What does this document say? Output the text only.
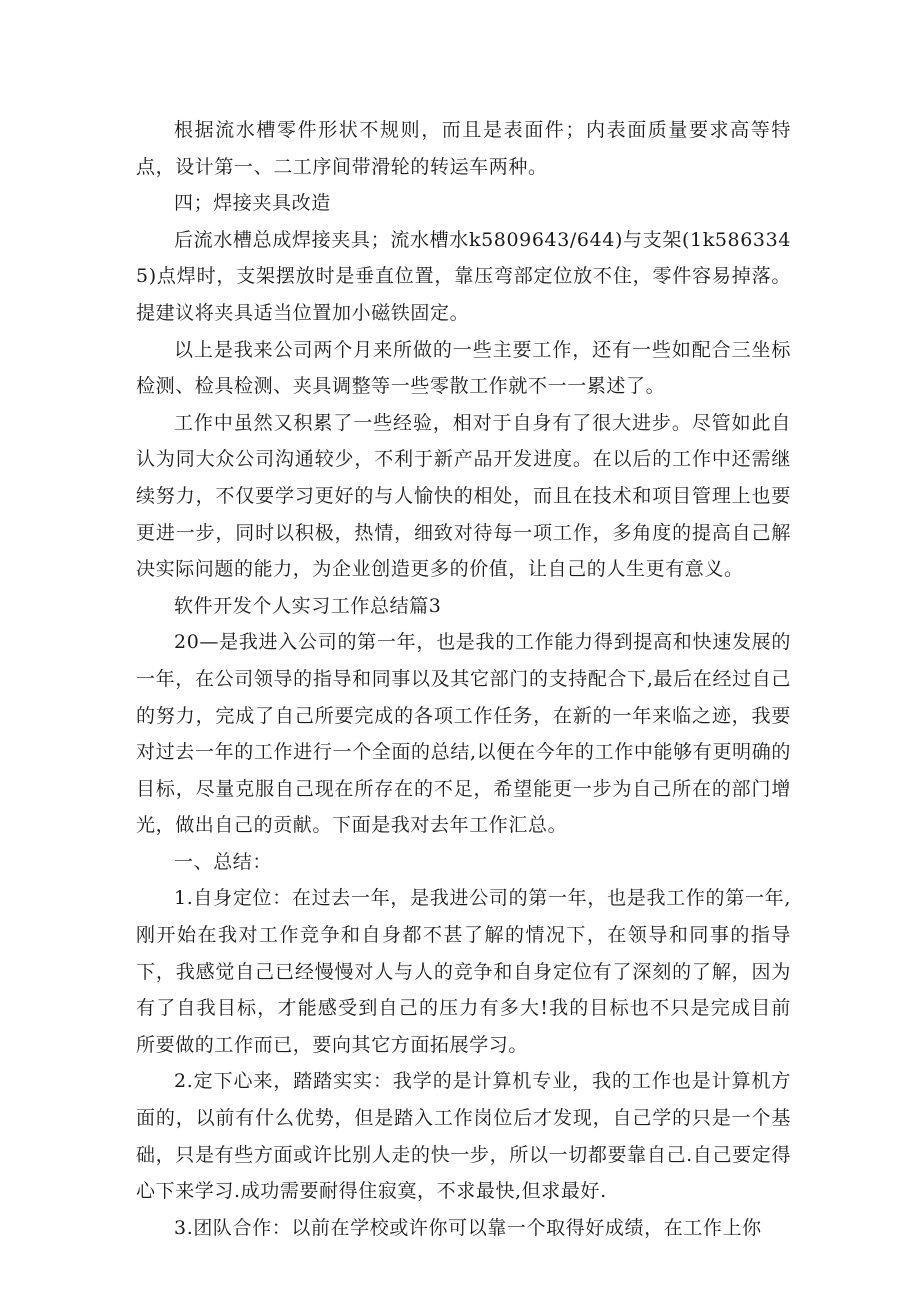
根据流水槽零件形状不规则，而且是表面件；内表面质量要求高等特点，设计第一、二工序间带滑轮的转运车两种。

四；焊接夹具改造

后流水槽总成焊接夹具；流水槽水k5809643/644)与支架(1k5863345)点焊时，支架摆放时是垂直位置，靠压弯部定位放不住，零件容易掉落。提建议将夹具适当位置加小磁铁固定。

以上是我来公司两个月来所做的一些主要工作，还有一些如配合三坐标检测、检具检测、夹具调整等一些零散工作就不一一累述了。

工作中虽然又积累了一些经验，相对于自身有了很大进步。尽管如此自认为同大众公司沟通较少，不利于新产品开发进度。在以后的工作中还需继续努力，不仅要学习更好的与人愉快的相处，而且在技术和项目管理上也要更进一步，同时以积极，热情，细致对待每一项工作，多角度的提高自己解决实际问题的能力，为企业创造更多的价值，让自己的人生更有意义。

软件开发个人实习工作总结篇3

20—是我进入公司的第一年，也是我的工作能力得到提高和快速发展的一年，在公司领导的指导和同事以及其它部门的支持配合下,最后在经过自己的努力，完成了自己所要完成的各项工作任务，在新的一年来临之迹，我要对过去一年的工作进行一个全面的总结,以便在今年的工作中能够有更明确的目标，尽量克服自己现在所存在的不足，希望能更一步为自己所在的部门增光，做出自己的贡献。下面是我对去年工作汇总。

一、总结：

1.自身定位：在过去一年，是我进公司的第一年，也是我工作的第一年,刚开始在我对工作竞争和自身都不甚了解的情况下，在领导和同事的指导下，我感觉自己已经慢慢对人与人的竞争和自身定位有了深刻的了解，因为有了自我目标，才能感受到自己的压力有多大!我的目标也不只是完成目前所要做的工作而已，要向其它方面拓展学习。

2.定下心来，踏踏实实：我学的是计算机专业，我的工作也是计算机方面的，以前有什么优势，但是踏入工作岗位后才发现，自己学的只是一个基础，只是有些方面或许比别人走的快一步，所以一切都要靠自己.自己要定得心下来学习.成功需要耐得住寂寞，不求最快,但求最好.

3.团队合作：以前在学校或许你可以靠一个取得好成绩，在工作上你
